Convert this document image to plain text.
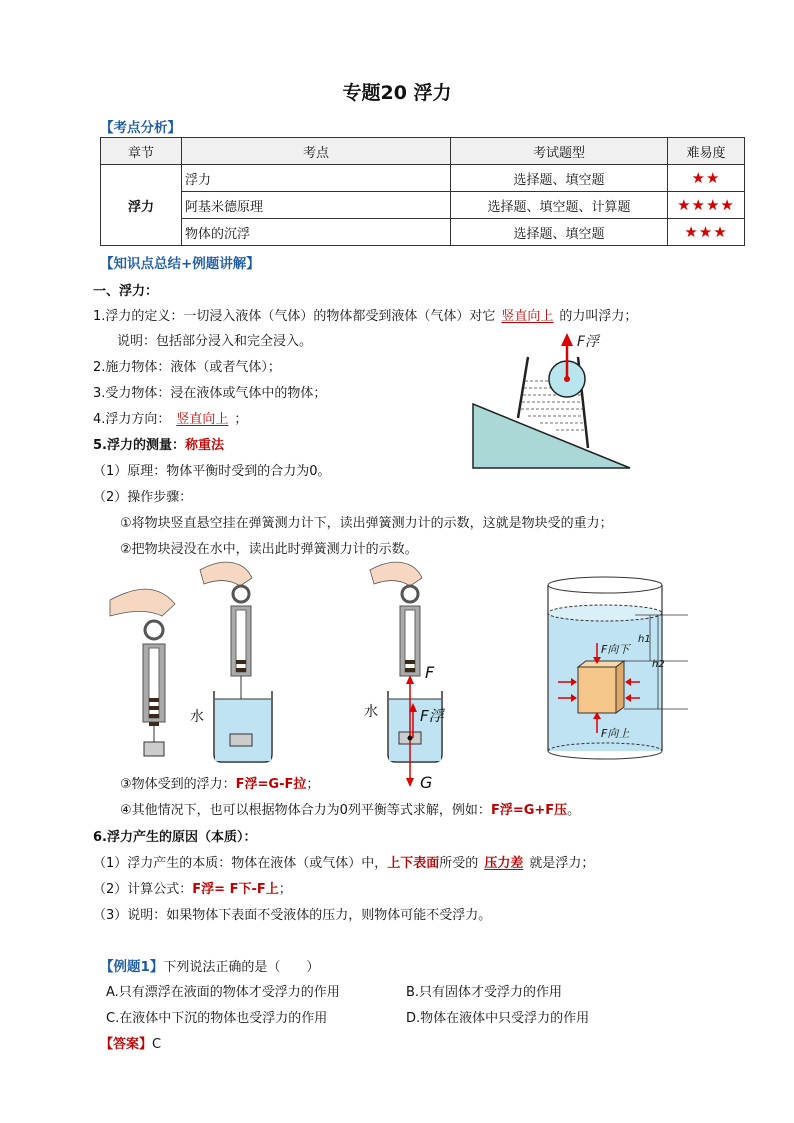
专题20 浮力
【考点分析】
章节	考点	考试题型	难易度
浮力	浮力	选择题、填空题	★★
	阿基米德原理	选择题、填空题、计算题	★★★★
	物体的沉浮	选择题、填空题	★★★
【知识点总结+例题讲解】
一、浮力：
1.浮力的定义：一切浸入液体（气体）的物体都受到液体（气体）对它 竖直向上 的力叫浮力；
说明：包括部分浸入和完全浸入。
2.施力物体：液体（或者气体）；
3.受力物体：浸在液体或气体中的物体；
4.浮力方向： 竖直向上 ；
5.浮力的测量：称重法
（1）原理：物体平衡时受到的合力为0。
（2）操作步骤：
①将物块竖直悬空挂在弹簧测力计下，读出弹簧测力计的示数，这就是物块受的重力；
②把物块浸没在水中，读出此时弹簧测力计的示数。
F浮
水
F
F浮
G
水
F向下
F向上
h1
h2
③物体受到的浮力：F浮=G-F拉；
④其他情况下，也可以根据物体合力为0列平衡等式求解，例如：F浮=G+F压。
6.浮力产生的原因（本质）：
（1）浮力产生的本质：物体在液体（或气体）中，上下表面所受的 压力差 就是浮力；
（2）计算公式：F浮= F下-F上；
（3）说明：如果物体下表面不受液体的压力，则物体可能不受浮力。
【例题1】下列说法正确的是（　　）
A.只有漂浮在液面的物体才受浮力的作用	B.只有固体才受浮力的作用
C.在液体中下沉的物体也受浮力的作用	D.物体在液体中只受浮力的作用
【答案】C
